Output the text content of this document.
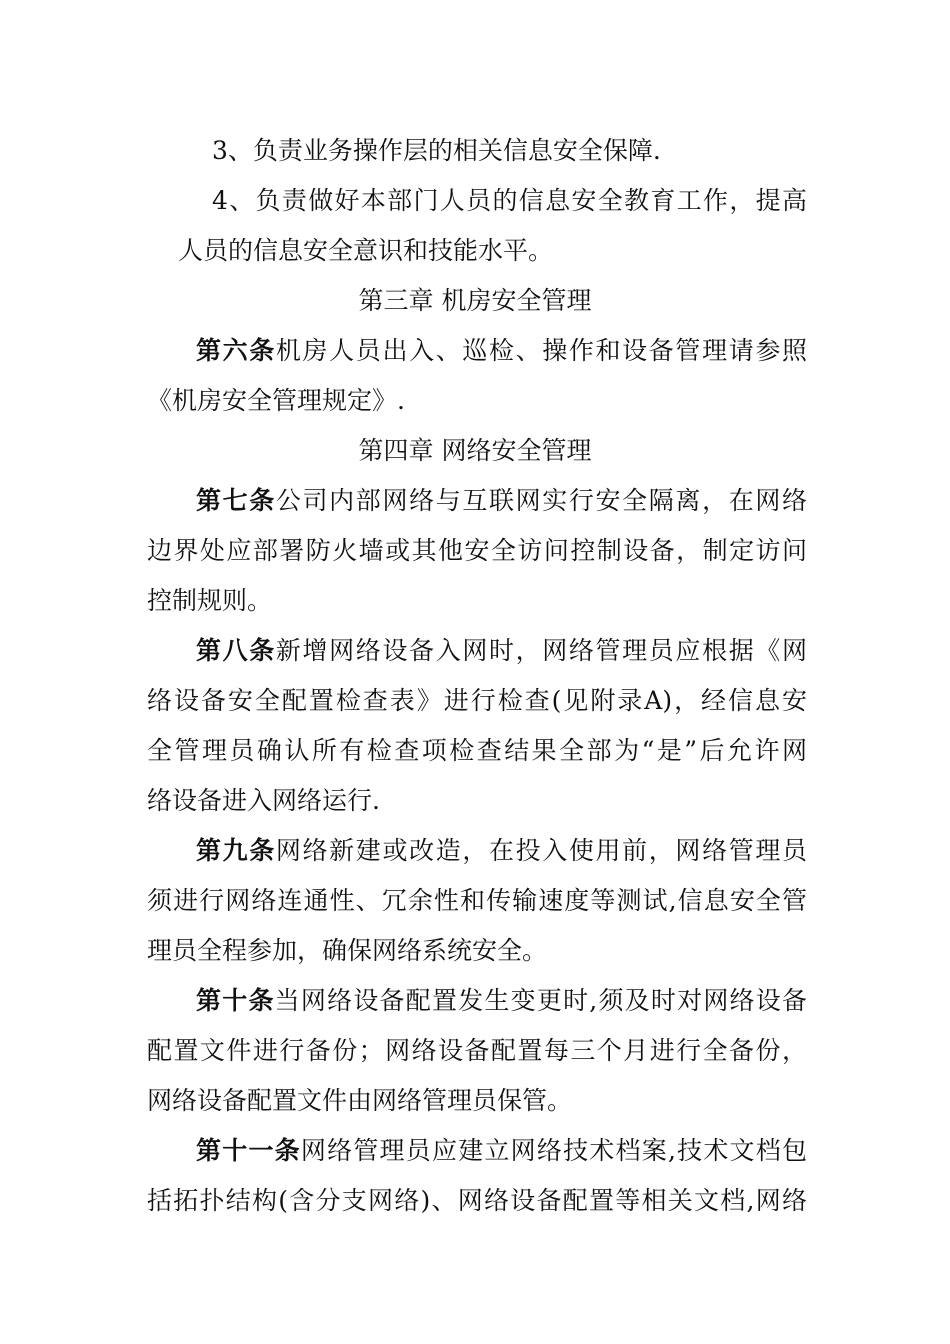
3、负责业务操作层的相关信息安全保障.
4、负责做好本部门人员的信息安全教育工作，提高
人员的信息安全意识和技能水平。
第三章 机房安全管理
第六条机房人员出入、巡检、操作和设备管理请参照
《机房安全管理规定》.
第四章 网络安全管理
第七条公司内部网络与互联网实行安全隔离，在网络
边界处应部署防火墙或其他安全访问控制设备，制定访问
控制规则。
第八条新增网络设备入网时，网络管理员应根据《网
络设备安全配置检查表》进行检查(见附录A)，经信息安
全管理员确认所有检查项检查结果全部为“是”后允许网
络设备进入网络运行.
第九条网络新建或改造，在投入使用前，网络管理员
须进行网络连通性、冗余性和传输速度等测试,信息安全管
理员全程参加，确保网络系统安全。
第十条当网络设备配置发生变更时,须及时对网络设备
配置文件进行备份；网络设备配置每三个月进行全备份，
网络设备配置文件由网络管理员保管。
第十一条网络管理员应建立网络技术档案,技术文档包
括拓扑结构(含分支网络)、网络设备配置等相关文档,网络
